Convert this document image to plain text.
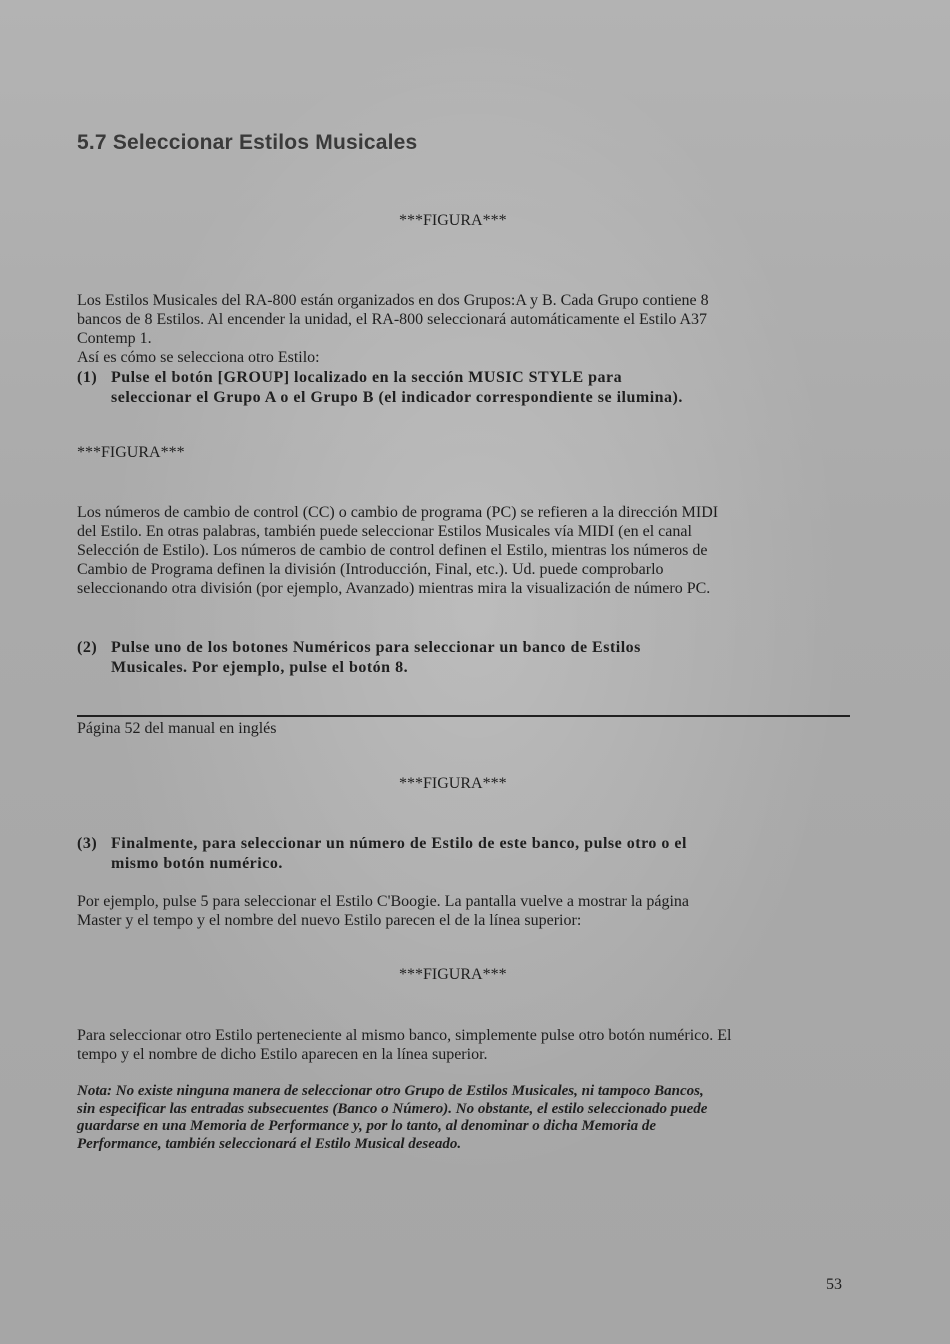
5.7 Seleccionar Estilos Musicales

***FIGURA***

Los Estilos Musicales del RA-800 están organizados en dos Grupos:A y B. Cada Grupo contiene 8
bancos de 8 Estilos. Al encender la unidad, el RA-800 seleccionará automáticamente el Estilo A37
Contemp 1.
Así es cómo se selecciona otro Estilo:
(1) Pulse el botón [GROUP] localizado en la sección MUSIC STYLE para
seleccionar el Grupo A o el Grupo B (el indicador correspondiente se ilumina).

***FIGURA***

Los números de cambio de control (CC) o cambio de programa (PC) se refieren a la dirección MIDI
del Estilo. En otras palabras, también puede seleccionar Estilos Musicales vía MIDI (en el canal
Selección de Estilo). Los números de cambio de control definen el Estilo, mientras los números de
Cambio de Programa definen la división (Introducción, Final, etc.). Ud. puede comprobarlo
seleccionando otra división (por ejemplo, Avanzado) mientras mira la visualización de número PC.
(2) Pulse uno de los botones Numéricos para seleccionar un banco de Estilos
Musicales. Por ejemplo, pulse el botón 8.

Página 52 del manual en inglés

***FIGURA***

(3) Finalmente, para seleccionar un número de Estilo de este banco, pulse otro o el
mismo botón numérico.
Por ejemplo, pulse 5 para seleccionar el Estilo C'Boogie. La pantalla vuelve a mostrar la página
Master y el tempo y el nombre del nuevo Estilo parecen el de la línea superior:

***FIGURA***

Para seleccionar otro Estilo perteneciente al mismo banco, simplemente pulse otro botón numérico. El
tempo y el nombre de dicho Estilo aparecen en la línea superior.
Nota: No existe ninguna manera de seleccionar otro Grupo de Estilos Musicales, ni tampoco Bancos,
sin especificar las entradas subsecuentes (Banco o Número). No obstante, el estilo seleccionado puede
guardarse en una Memoria de Performance y, por lo tanto, al denominar o dicha Memoria de
Performance, también seleccionará el Estilo Musical deseado.

53
